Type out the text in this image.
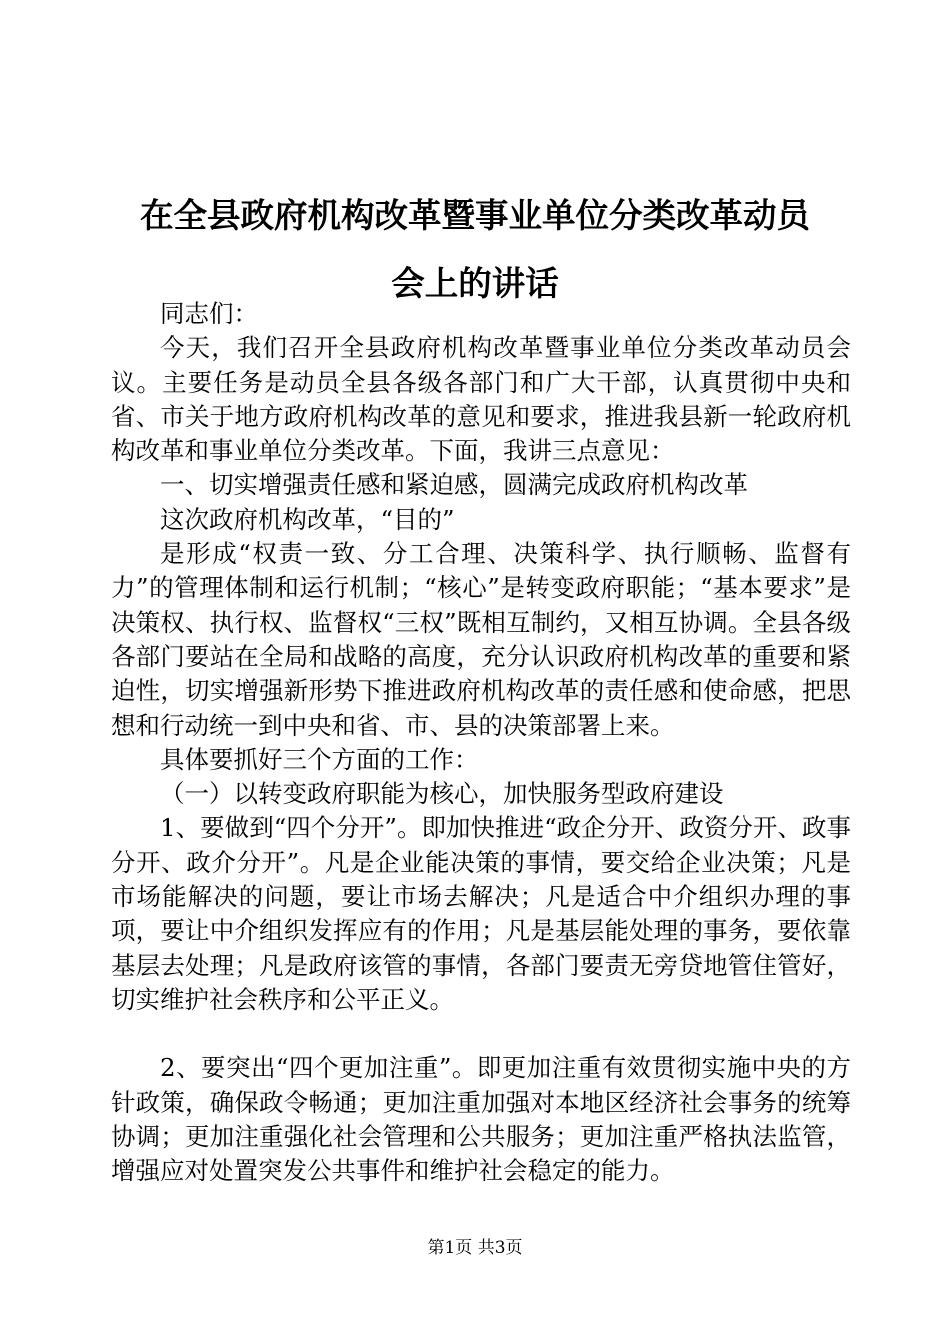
在全县政府机构改革暨事业单位分类改革动员
会上的讲话

同志们：

今天，我们召开全县政府机构改革暨事业单位分类改革动员会议。主要任务是动员全县各级各部门和广大干部，认真贯彻中央和省、市关于地方政府机构改革的意见和要求，推进我县新一轮政府机构改革和事业单位分类改革。下面，我讲三点意见：

一、切实增强责任感和紧迫感，圆满完成政府机构改革

这次政府机构改革，“目的”

是形成“权责一致、分工合理、决策科学、执行顺畅、监督有力”的管理体制和运行机制；“核心”是转变政府职能；“基本要求”是决策权、执行权、监督权“三权”既相互制约，又相互协调。全县各级各部门要站在全局和战略的高度，充分认识政府机构改革的重要和紧迫性，切实增强新形势下推进政府机构改革的责任感和使命感，把思想和行动统一到中央和省、市、县的决策部署上来。

具体要抓好三个方面的工作：

（一）以转变政府职能为核心，加快服务型政府建设

1、要做到“四个分开”。即加快推进“政企分开、政资分开、政事分开、政介分开”。凡是企业能决策的事情，要交给企业决策；凡是市场能解决的问题，要让市场去解决；凡是适合中介组织办理的事项，要让中介组织发挥应有的作用；凡是基层能处理的事务，要依靠基层去处理；凡是政府该管的事情，各部门要责无旁贷地管住管好，切实维护社会秩序和公平正义。

2、要突出“四个更加注重”。即更加注重有效贯彻实施中央的方针政策，确保政令畅通；更加注重加强对本地区经济社会事务的统筹协调；更加注重强化社会管理和公共服务；更加注重严格执法监管，增强应对处置突发公共事件和维护社会稳定的能力。

第1页 共3页
